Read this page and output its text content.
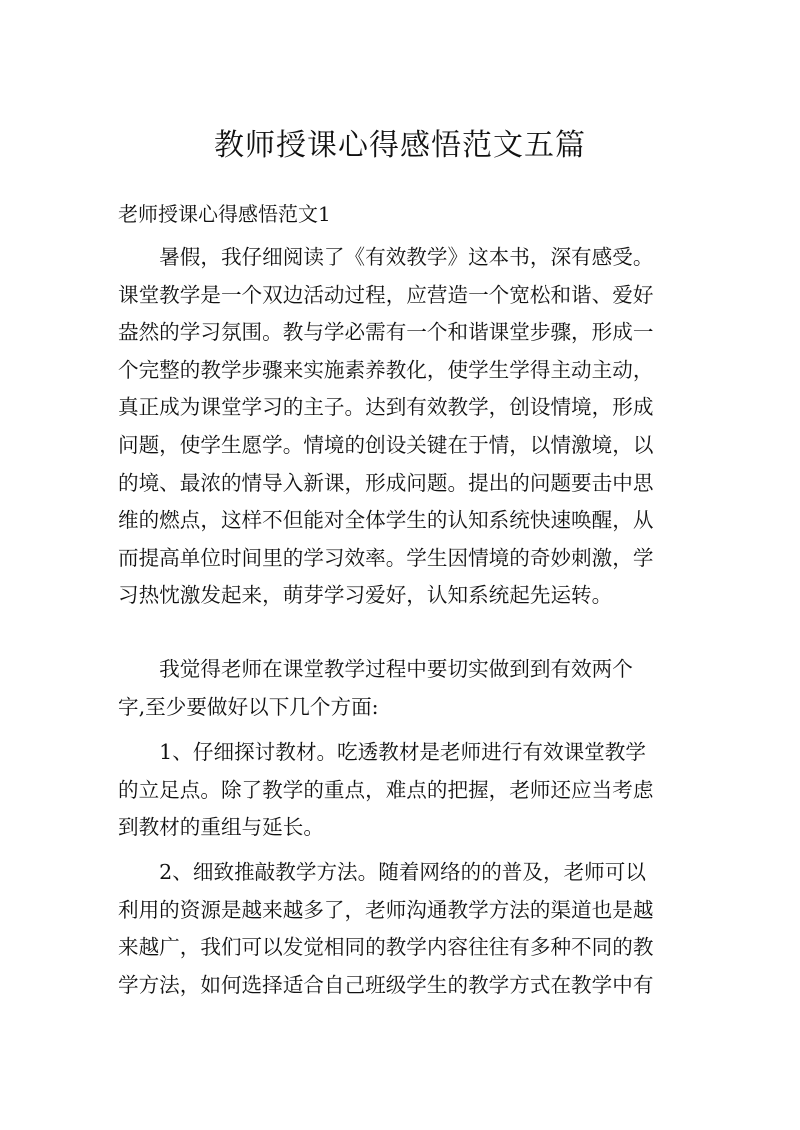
教师授课心得感悟范文五篇
老师授课心得感悟范文1
　　暑假，我仔细阅读了《有效教学》这本书，深有感受。
课堂教学是一个双边活动过程，应营造一个宽松和谐、爱好
盎然的学习氛围。教与学必需有一个和谐课堂步骤，形成一
个完整的教学步骤来实施素养教化，使学生学得主动主动，
真正成为课堂学习的主子。达到有效教学，创设情境，形成
问题，使学生愿学。情境的创设关键在于情，以情激境，以
的境、最浓的情导入新课，形成问题。提出的问题要击中思
维的燃点，这样不但能对全体学生的认知系统快速唤醒，从
而提高单位时间里的学习效率。学生因情境的奇妙刺激，学
习热忱激发起来，萌芽学习爱好，认知系统起先运转。
　　我觉得老师在课堂教学过程中要切实做到到有效两个
字,至少要做好以下几个方面:
　　1、仔细探讨教材。吃透教材是老师进行有效课堂教学
的立足点。除了教学的重点，难点的把握，老师还应当考虑
到教材的重组与延长。
　　2、细致推敲教学方法。随着网络的的普及，老师可以
利用的资源是越来越多了，老师沟通教学方法的渠道也是越
来越广，我们可以发觉相同的教学内容往往有多种不同的教
学方法，如何选择适合自己班级学生的教学方式在教学中有
